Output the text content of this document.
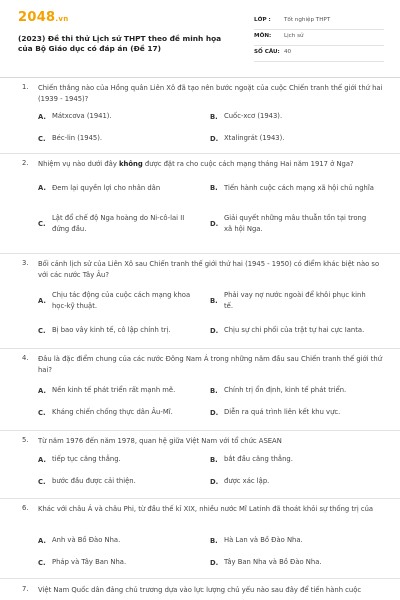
2048.vn
(2023) Đề thi thử Lịch sử THPT theo đề minh họa của Bộ Giáo dục có đáp án (Đề 17)
LỚP : Tốt nghiệp THPT
MÔN: Lịch sử
SỐ CÂU: 40
1. Chiến thắng nào của Hồng quân Liên Xô đã tạo nên bước ngoặt của cuộc Chiến tranh thế giới thứ hai (1939 - 1945)?
A. Mátxcơva (1941).	B. Cuốc-xcơ (1943).
C. Béc-lin (1945).	D. Xtalingrát (1943).
2. Nhiệm vụ nào dưới đây không được đặt ra cho cuộc cách mạng tháng Hai năm 1917 ở Nga?
A. Đem lại quyền lợi cho nhân dân	B. Tiến hành cuộc cách mạng xã hội chủ nghĩa
C.
Lật đổ chế độ Nga hoàng do Ni-cô-lai II đứng đầu.
D.
Giải quyết những mâu thuẫn tồn tại trong xã hội Nga.
3. Bối cảnh lịch sử của Liên Xô sau Chiến tranh thế giới thứ hai (1945 - 1950) có điểm khác biệt nào so với các nước Tây Âu?
A.
Chịu tác động của cuộc cách mạng khoa học-kỹ thuật.
B.
Phải vay nợ nước ngoài để khôi phục kinh tế.
C. Bị bao vây kinh tế, cô lập chính trị.	D. Chịu sự chi phối của trật tự hai cực Ianta.
4. Đâu là đặc điểm chung của các nước Đông Nam Á trong những năm đầu sau Chiến tranh thế giới thứ hai?
A. Nền kinh tế phát triển rất mạnh mẽ.	B. Chính trị ổn định, kinh tế phát triển.
C. Kháng chiến chống thực dân Âu-Mĩ.	D. Diễn ra quá trình liên kết khu vực.
5. Từ năm 1976 đến năm 1978, quan hệ giữa Việt Nam với tổ chức ASEAN
A. tiếp tục căng thẳng.	B. bắt đầu căng thẳng.
C. bước đầu được cải thiện.	D. được xác lập.
6. Khác với châu Á và châu Phi, từ đầu thế kỉ XIX, nhiều nước Mĩ Latinh đã thoát khỏi sự thống trị của
A. Anh và Bồ Đào Nha.	B. Hà Lan và Bồ Đào Nha.
C. Pháp và Tây Ban Nha.	D. Tây Ban Nha và Bồ Đào Nha.
7. Việt Nam Quốc dân đảng chủ trương dựa vào lực lượng chủ yếu nào sau đây để tiến hành cuộc
